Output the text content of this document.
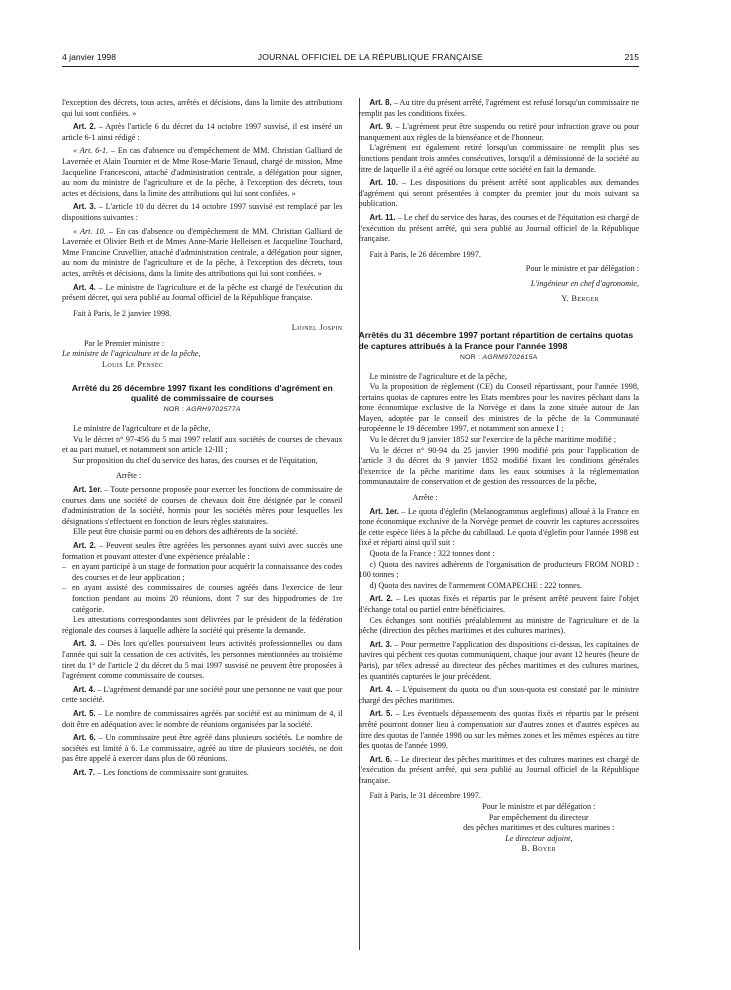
4 janvier 1998	JOURNAL OFFICIEL DE LA RÉPUBLIQUE FRANÇAISE	215

l'exception des décrets, tous actes, arrêtés et décisions, dans la limite des attributions qui lui sont confiées. »

Art. 2. – Après l'article 6 du décret du 14 octobre 1997 susvisé, il est inséré un article 6-1 ainsi rédigé :

« Art. 6-1. – En cas d'absence ou d'empêchement de MM. Christian Galliard de Lavernée et Alain Tournier et de Mme Rose-Marie Tenaud, chargé de mission, Mme Jacqueline Francesconi, attaché d'administration centrale, a délégation pour signer, au nom du ministre de l'agriculture et de la pêche, à l'exception des décrets, tous actes et décisions, dans la limite des attributions qui lui sont confiées. »

Art. 3. – L'article 10 du décret du 14 octobre 1997 susvisé est remplacé par les dispositions suivantes :

« Art. 10. – En cas d'absence ou d'empêchement de MM. Christian Galliard de Lavernée et Olivier Beth et de Mmes Anne-Marie Helleisen et Jacqueline Touchard, Mme Francine Cruvellier, attaché d'administration centrale, a délégation pour signer, au nom du ministre de l'agriculture et de la pêche, à l'exception des décrets, tous actes, arrêtés et décisions, dans la limite des attributions qui lui sont confiées. »

Art. 4. – Le ministre de l'agriculture et de la pêche est chargé de l'exécution du présent décret, qui sera publié au Journal officiel de la République française.

Fait à Paris, le 2 janvier 1998.

Lionel Jospin

Par le Premier ministre :

Le ministre de l'agriculture et de la pêche,

Louis Le Pensec

Arrêté du 26 décembre 1997 fixant les conditions d'agrément en qualité de commissaire de courses
NOR : AGRH9702577A

Le ministre de l'agriculture et de la pêche,

Vu le décret n° 97-456 du 5 mai 1997 relatif aux sociétés de courses de chevaux et au pari mutuel, et notamment son article 12-III ;

Sur proposition du chef du service des haras, des courses et de l'équitation,

Arrête :

Art. 1er. – Toute personne proposée pour exercer les fonctions de commissaire de courses dans une société de courses de chevaux doit être désignée par le conseil d'administration de la société, hormis pour les sociétés mères pour lesquelles les désignations s'effectuent en fonction de leurs règles statutaires.

Elle peut être choisie parmi ou en dehors des adhérents de la société.

Art. 2. – Peuvent seules être agréées les personnes ayant suivi avec succès une formation et pouvant attester d'une expérience préalable :

– en ayant participé à un stage de formation pour acquérir la connaissance des codes des courses et de leur application ;
– en ayant assisté des commissaires de courses agréés dans l'exercice de leur fonction pendant au moins 20 réunions, dont 7 sur des hippodromes de 1re catégorie.

Les attestations correspondantes sont délivrées par le président de la fédération régionale des courses à laquelle adhère la société qui présente la demande.

Art. 3. – Dès lors qu'elles poursuivent leurs activités professionnelles ou dans l'année qui suit la cessation de ces activités, les personnes mentionnées au troisième tiret du 1° de l'article 2 du décret du 5 mai 1997 susvisé ne peuvent être proposées à l'agrément comme commissaire de courses.

Art. 4. – L'agrément demandé par une société pour une personne ne vaut que pour cette société.

Art. 5. – Le nombre de commissaires agréés par société est au minimum de 4, il doit être en adéquation avec le nombre de réunions organisées par la société.

Art. 6. – Un commissaire peut être agréé dans plusieurs sociétés. Le nombre de sociétés est limité à 6. Le commissaire, agréé au titre de plusieurs sociétés, ne doit pas être appelé à exercer dans plus de 60 réunions.

Art. 7. – Les fonctions de commissaire sont gratuites.

Art. 8. – Au titre du présent arrêté, l'agrément est refusé lorsqu'un commissaire ne remplit pas les conditions fixées.

Art. 9. – L'agrément peut être suspendu ou retiré pour infraction grave ou pour manquement aux règles de la bienséance et de l'honneur.

L'agrément est également retiré lorsqu'un commissaire ne remplit plus ses fonctions pendant trois années consécutives, lorsqu'il a démissionné de la société au titre de laquelle il a été agréé ou lorsque cette société en fait la demande.

Art. 10. – Les dispositions du présent arrêté sont applicables aux demandes d'agrément qui seront présentées à compter du premier jour du mois suivant sa publication.

Art. 11. – Le chef du service des haras, des courses et de l'équitation est chargé de l'exécution du présent arrêté, qui sera publié au Journal officiel de la République française.

Fait à Paris, le 26 décembre 1997.

Pour le ministre et par délégation :

L'ingénieur en chef d'agronomie,

Y. Berger

Arrêtés du 31 décembre 1997 portant répartition de certains quotas de captures attribués à la France pour l'année 1998
NOR : AGRM9702615A

Le ministre de l'agriculture et de la pêche,

Vu la proposition de règlement (CE) du Conseil répartissant, pour l'année 1998, certains quotas de captures entre les Etats membres pour les navires pêchant dans la zone économique exclusive de la Norvège et dans la zone située autour de Jan Mayen, adoptée par le conseil des ministres de la pêche de la Communauté européenne le 19 décembre 1997, et notamment son annexe I ;

Vu le décret du 9 janvier 1852 sur l'exercice de la pêche maritime modifié ;

Vu le décret n° 90-94 du 25 janvier 1990 modifié pris pour l'application de l'article 3 du décret du 9 janvier 1852 modifié fixant les conditions générales d'exercice de la pêche maritime dans les eaux soumises à la réglementation communautaire de conservation et de gestion des ressources de la pêche,

Arrête :

Art. 1er. – Le quota d'églefin (Melanogrammus aeglefinus) alloué à la France en zone économique exclusive de la Norvège permet de couvrir les captures accessoires de cette espèce liées à la pêche du cabillaud. Le quota d'églefin pour l'année 1998 est fixé et réparti ainsi qu'il suit :

Quota de la France : 322 tonnes dont :

c) Quota des navires adhérents de l'organisation de producteurs FROM NORD : 100 tonnes ;

d) Quota des navires de l'armement COMAPECHE : 222 tonnes.

Art. 2. – Les quotas fixés et répartis par le présent arrêté peuvent faire l'objet d'échange total ou partiel entre bénéficiaires.

Ces échanges sont notifiés préalablement au ministre de l'agriculture et de la pêche (direction des pêches maritimes et des cultures marines).

Art. 3. – Pour permettre l'application des dispositions ci-dessus, les capitaines de navires qui pêchent ces quotas communiquent, chaque jour avant 12 heures (heure de Paris), par télex adressé au directeur des pêches maritimes et des cultures marines, les quantités capturées le jour précédent.

Art. 4. – L'épuisement du quota ou d'un sous-quota est constaté par le ministre chargé des pêches maritimes.

Art. 5. – Les éventuels dépassements des quotas fixés et répartis par le présent arrêté pourront donner lieu à compensation sur d'autres zones et d'autres espèces au titre des quotas de l'année 1998 ou sur les mêmes zones et les mêmes espèces au titre des quotas de l'année 1999.

Art. 6. – Le directeur des pêches maritimes et des cultures marines est chargé de l'exécution du présent arrêté, qui sera publié au Journal officiel de la République française.

Fait à Paris, le 31 décembre 1997.

Pour le ministre et par délégation :

Par empêchement du directeur

des pêches maritimes et des cultures marines :

Le directeur adjoint,

B. Boyer
